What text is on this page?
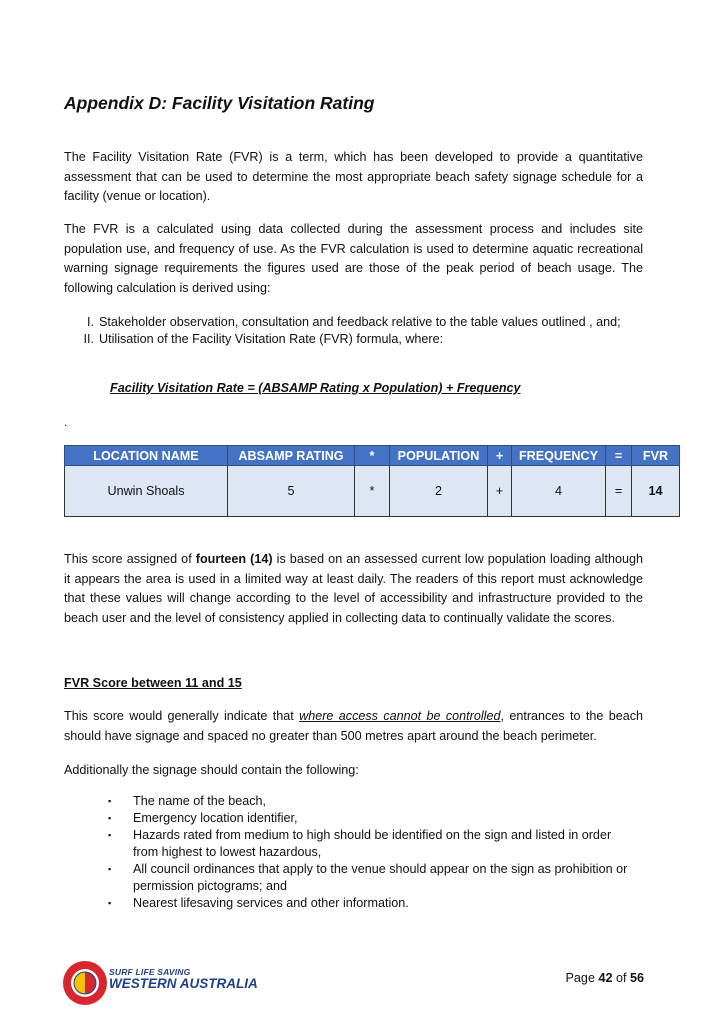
Appendix D: Facility Visitation Rating
The Facility Visitation Rate (FVR) is a term, which has been developed to provide a quantitative assessment that can be used to determine the most appropriate beach safety signage schedule for a facility (venue or location).
The FVR is a calculated using data collected during the assessment process and includes site population use, and frequency of use. As the FVR calculation is used to determine aquatic recreational warning signage requirements the figures used are those of the peak period of beach usage. The following calculation is derived using:
I. Stakeholder observation, consultation and feedback relative to the table values outlined , and;
II. Utilisation of the Facility Visitation Rate (FVR) formula, where:
Facility Visitation Rate = (ABSAMP Rating x Population) + Frequency
.
LOCATION NAME	ABSAMP RATING	*	POPULATION	+	FREQUENCY	=	FVR
Unwin Shoals	5	*	2	+	4	=	14
This score assigned of fourteen (14) is based on an assessed current low population loading although it appears the area is used in a limited way at least daily. The readers of this report must acknowledge that these values will change according to the level of accessibility and infrastructure provided to the beach user and the level of consistency applied in collecting data to continually validate the scores.
FVR Score between 11 and 15
This score would generally indicate that where access cannot be controlled, entrances to the beach should have signage and spaced no greater than 500 metres apart around the beach perimeter.
Additionally the signage should contain the following:
▪	The name of the beach,
▪	Emergency location identifier,
▪	Hazards rated from medium to high should be identified on the sign and listed in order from highest to lowest hazardous,
▪	All council ordinances that apply to the venue should appear on the sign as prohibition or permission pictograms; and
▪	Nearest lifesaving services and other information.
SURF LIFE SAVING
WESTERN AUSTRALIA	Page 42 of 56
